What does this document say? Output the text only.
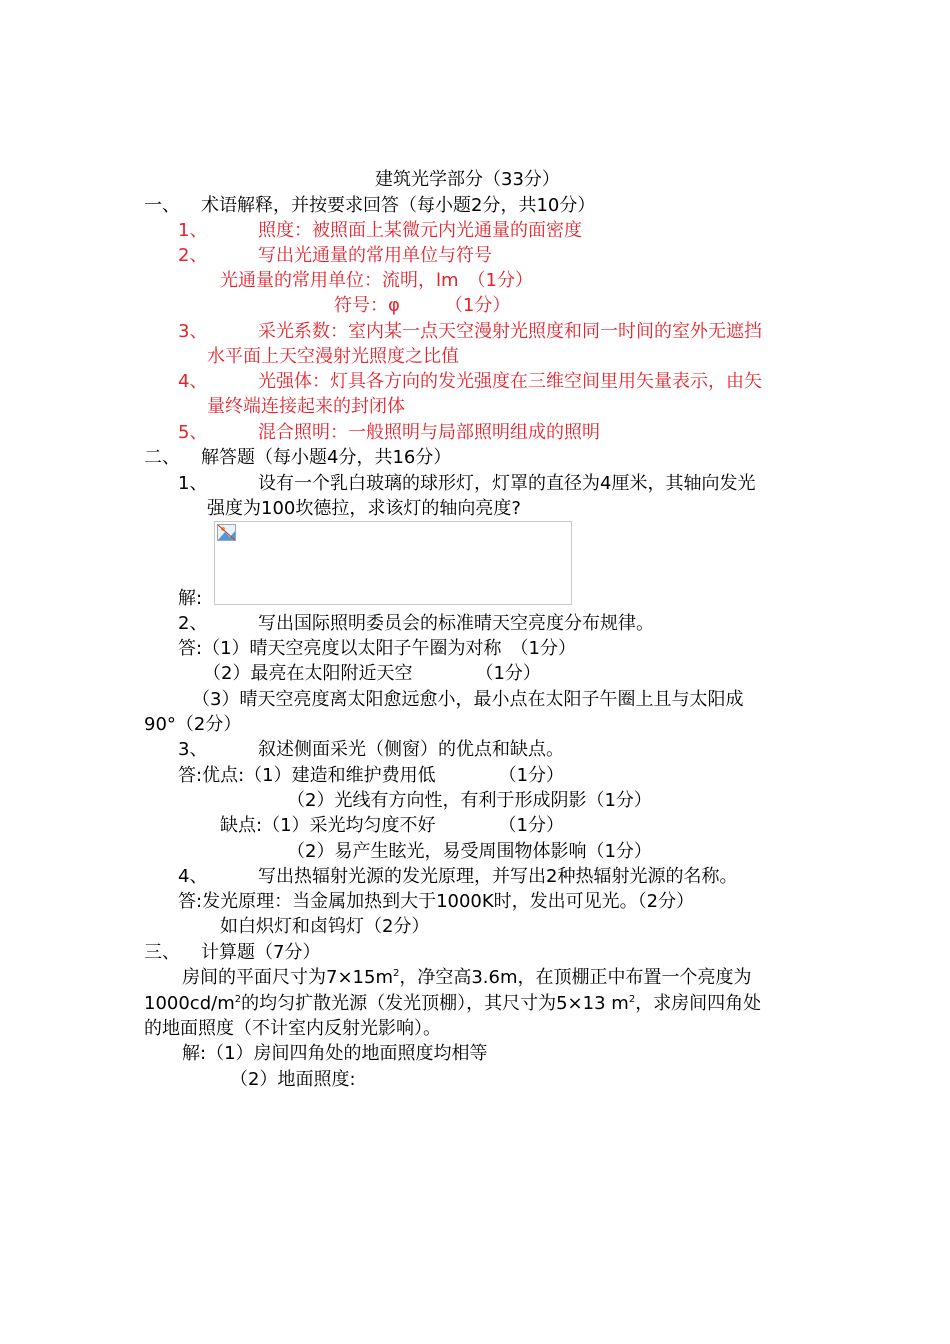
建筑光学部分（33分）
一、 术语解释，并按要求回答（每小题2分，共10分）
1、	照度：被照面上某微元内光通量的面密度
2、	写出光通量的常用单位与符号
光通量的常用单位：流明，lm　（1分）
符号：φ　　　（1分）
3、	采光系数：室内某一点天空漫射光照度和同一时间的室外无遮挡
水平面上天空漫射光照度之比值
4、	光强体：灯具各方向的发光强度在三维空间里用矢量表示，由矢
量终端连接起来的封闭体
5、	混合照明：一般照明与局部照明组成的照明
二、 解答题（每小题4分，共16分）
1、	设有一个乳白玻璃的球形灯，灯罩的直径为4厘米，其轴向发光
强度为100坎德拉，求该灯的轴向亮度?
解:
2、	写出国际照明委员会的标准晴天空亮度分布规律。
答:（1）晴天空亮度以太阳子午圈为对称　（1分）
（2）最亮在太阳附近天空　　　　（1分）
（3）晴天空亮度离太阳愈远愈小，最小点在太阳子午圈上且与太阳成
90°（2分）
3、	叙述侧面采光（侧窗）的优点和缺点。
答:优点:（1）建造和维护费用低　　　　（1分）
（2）光线有方向性，有利于形成阴影（1分）
缺点:（1）采光均匀度不好　　　　（1分）
（2）易产生眩光，易受周围物体影响（1分）
4、	写出热辐射光源的发光原理，并写出2种热辐射光源的名称。
答:发光原理：当金属加热到大于1000K时，发出可见光。（2分）
如白炽灯和卤钨灯（2分）
三、 计算题（7分）
房间的平面尺寸为$7\times 15m^2$，净空高3.6m，在顶棚正中布置一个亮度为
$1000cd/m^2$的均匀扩散光源（发光顶棚），其尺寸为5×13 $m^2$，求房间四角处
的地面照度（不计室内反射光影响）。
解:（1）房间四角处的地面照度均相等
（2）地面照度:
